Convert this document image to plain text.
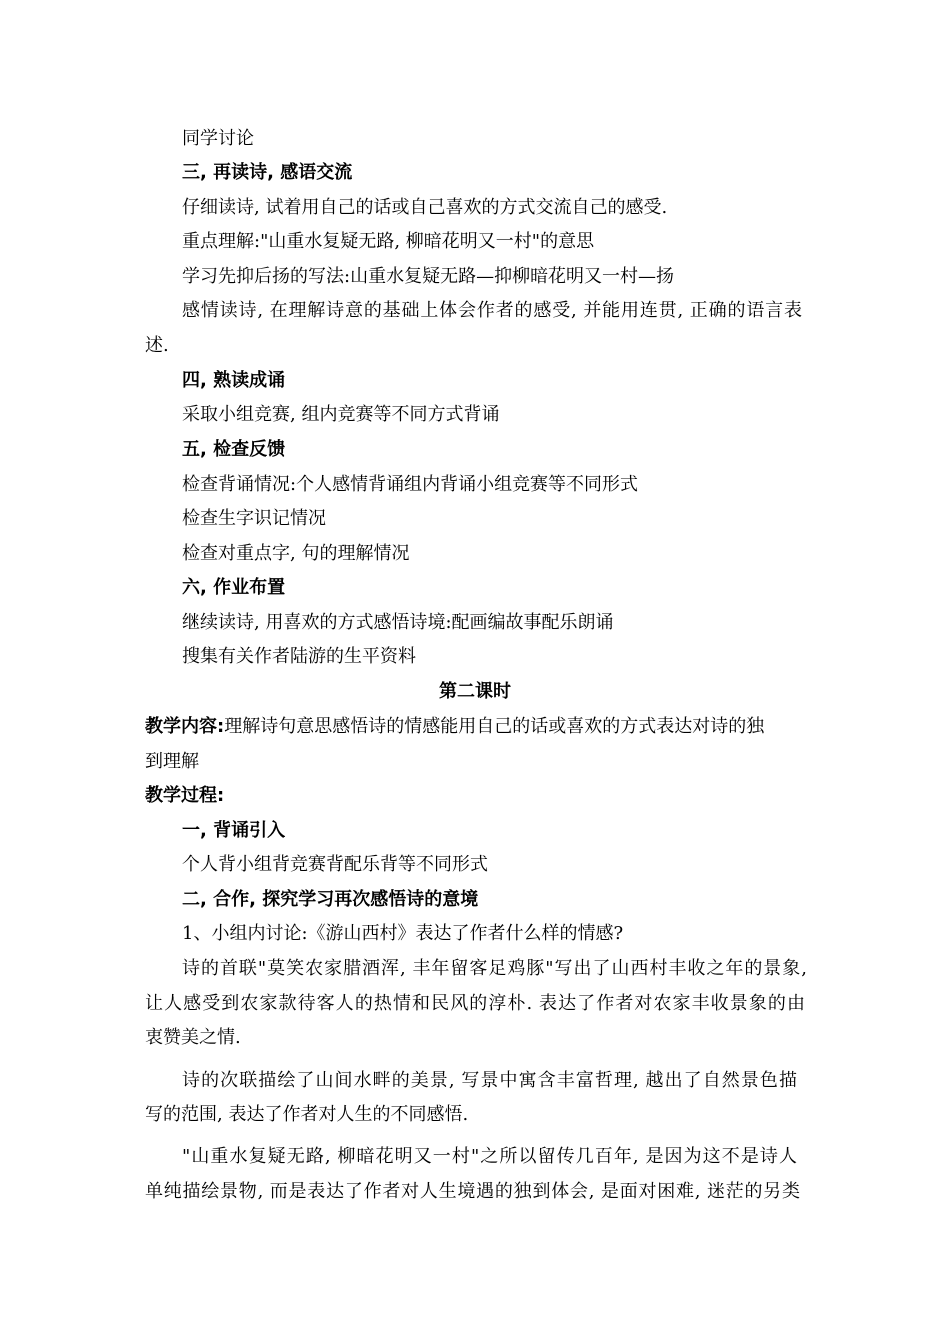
同学讨论
三, 再读诗, 感语交流
仔细读诗, 试着用自己的话或自己喜欢的方式交流自己的感受.
重点理解:"山重水复疑无路, 柳暗花明又一村"的意思
学习先抑后扬的写法:山重水复疑无路—抑柳暗花明又一村—扬
感情读诗, 在理解诗意的基础上体会作者的感受, 并能用连贯, 正确的语言表
述.
四, 熟读成诵
采取小组竞赛, 组内竞赛等不同方式背诵
五, 检查反馈
检查背诵情况:个人感情背诵组内背诵小组竞赛等不同形式
检查生字识记情况
检查对重点字, 句的理解情况
六, 作业布置
继续读诗, 用喜欢的方式感悟诗境:配画编故事配乐朗诵
搜集有关作者陆游的生平资料
第二课时
教学内容:理解诗句意思感悟诗的情感能用自己的话或喜欢的方式表达对诗的独
到理解
教学过程:
一, 背诵引入
个人背小组背竞赛背配乐背等不同形式
二, 合作, 探究学习再次感悟诗的意境
1、小组内讨论:《游山西村》表达了作者什么样的情感?
诗的首联"莫笑农家腊酒浑, 丰年留客足鸡豚"写出了山西村丰收之年的景象,
让人感受到农家款待客人的热情和民风的淳朴. 表达了作者对农家丰收景象的由
衷赞美之情.
诗的次联描绘了山间水畔的美景, 写景中寓含丰富哲理, 越出了自然景色描
写的范围, 表达了作者对人生的不同感悟.
"山重水复疑无路, 柳暗花明又一村"之所以留传几百年, 是因为这不是诗人
单纯描绘景物, 而是表达了作者对人生境遇的独到体会, 是面对困难, 迷茫的另类
